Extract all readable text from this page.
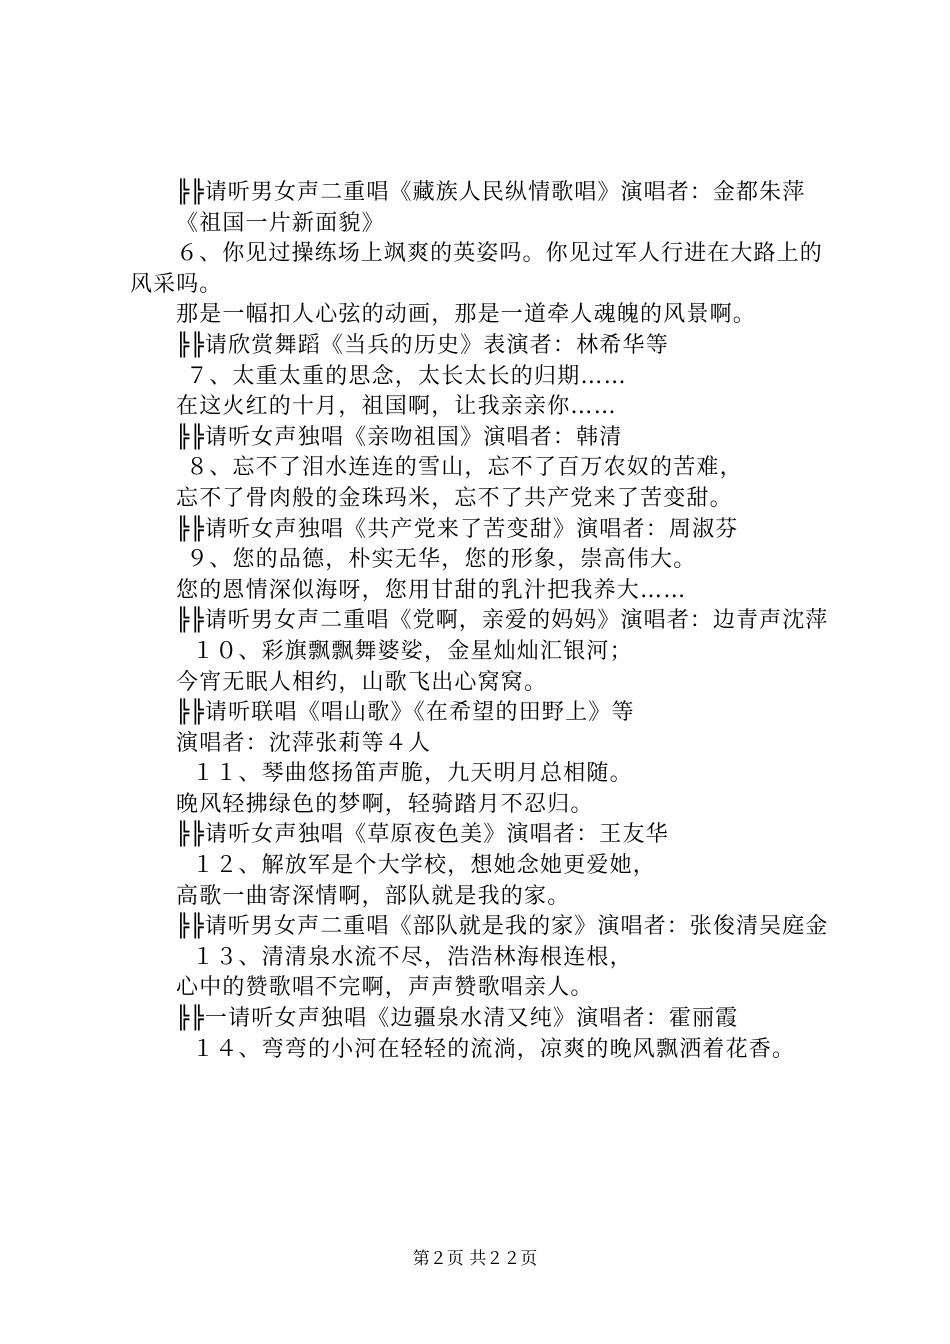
╠╠请听男女声二重唱《藏族人民纵情歌唱》演唱者：金都朱萍
《祖国一片新面貌》
６、你见过操练场上飒爽的英姿吗。你见过军人行进在大路上的风采吗。
那是一幅扣人心弦的动画，那是一道牵人魂魄的风景啊。
╠╠请欣赏舞蹈《当兵的历史》表演者：林希华等
７、太重太重的思念，太长太长的归期……
在这火红的十月，祖国啊，让我亲亲你……
╠╠请听女声独唱《亲吻祖国》演唱者：韩清
８、忘不了泪水连连的雪山，忘不了百万农奴的苦难，
忘不了骨肉般的金珠玛米，忘不了共产党来了苦变甜。
╠╠请听女声独唱《共产党来了苦变甜》演唱者：周淑芬
９、您的品德，朴实无华，您的形象，崇高伟大。
您的恩情深似海呀，您用甘甜的乳汁把我养大……
╠╠请听男女声二重唱《党啊，亲爱的妈妈》演唱者：边青声沈萍
１０、彩旗飘飘舞婆娑，金星灿灿汇银河；
今宵无眠人相约，山歌飞出心窝窝。
╠╠请听联唱《唱山歌》《在希望的田野上》等
演唱者：沈萍张莉等４人
１１、琴曲悠扬笛声脆，九天明月总相随。
晚风轻拂绿色的梦啊，轻骑踏月不忍归。
╠╠请听女声独唱《草原夜色美》演唱者：王友华
１２、解放军是个大学校，想她念她更爱她，
高歌一曲寄深情啊，部队就是我的家。
╠╠请听男女声二重唱《部队就是我的家》演唱者：张俊清吴庭金
１３、清清泉水流不尽，浩浩林海根连根，
心中的赞歌唱不完啊，声声赞歌唱亲人。
╠╠一请听女声独唱《边疆泉水清又纯》演唱者：霍丽霞
１４、弯弯的小河在轻轻的流淌，凉爽的晚风飘洒着花香。
第２页 共２２页
